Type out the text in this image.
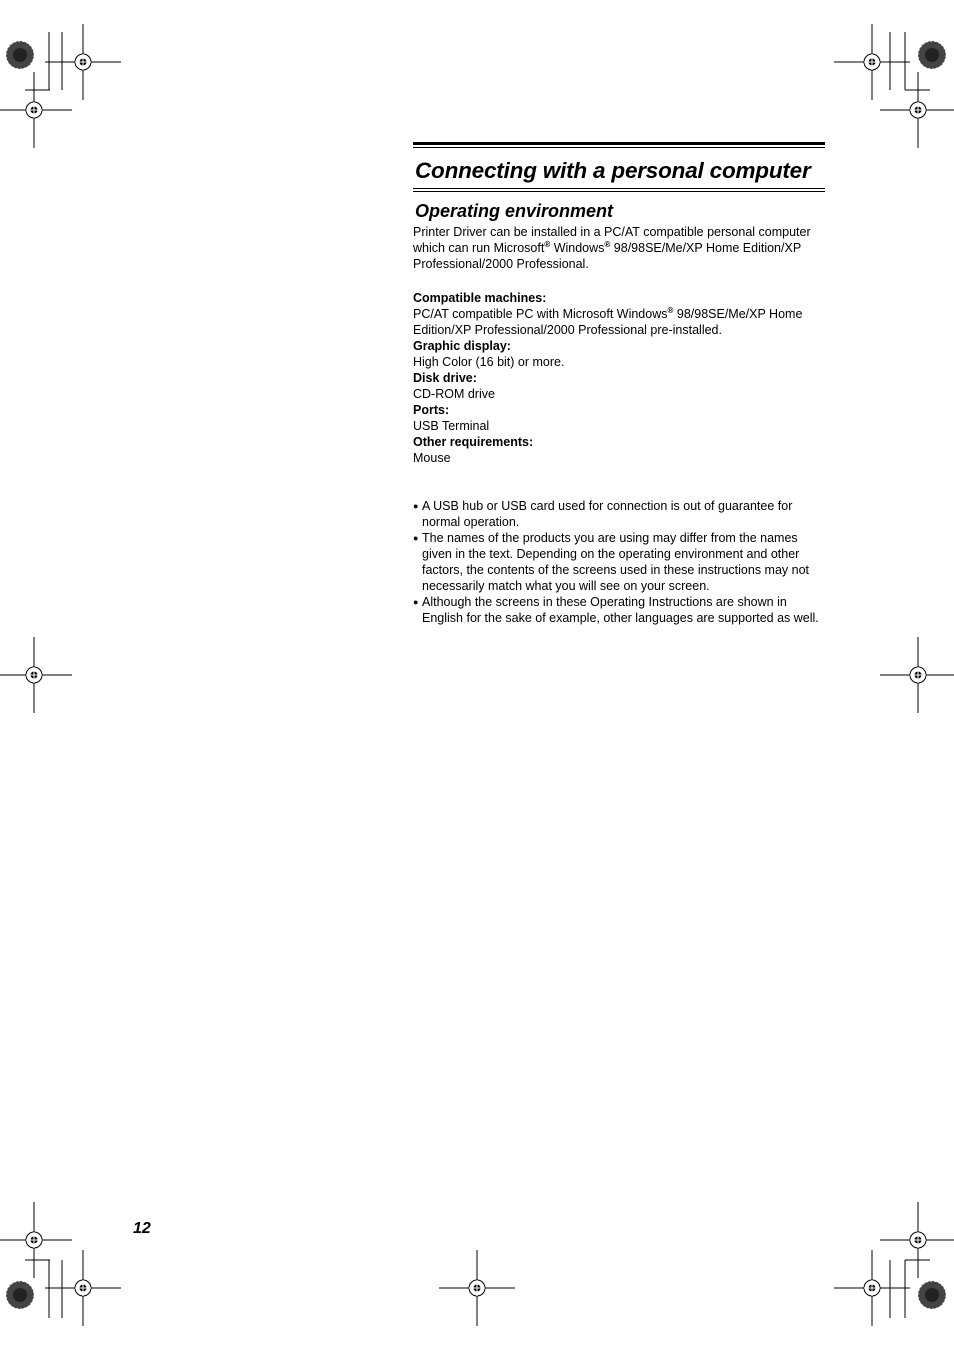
Connecting with a personal computer
Operating environment

Printer Driver can be installed in a PC/AT compatible personal computer which can run Microsoft® Windows® 98/98SE/Me/XP Home Edition/XP Professional/2000 Professional.

Compatible machines:
PC/AT compatible PC with Microsoft Windows® 98/98SE/Me/XP Home Edition/XP Professional/2000 Professional pre-installed.
Graphic display:
High Color (16 bit) or more.
Disk drive:
CD-ROM drive
Ports:
USB Terminal
Other requirements:
Mouse
● A USB hub or USB card used for connection is out of guarantee for normal operation.
● The names of the products you are using may differ from the names given in the text. Depending on the operating environment and other factors, the contents of the screens used in these instructions may not necessarily match what you will see on your screen.
● Although the screens in these Operating Instructions are shown in English for the sake of example, other languages are supported as well.
12
